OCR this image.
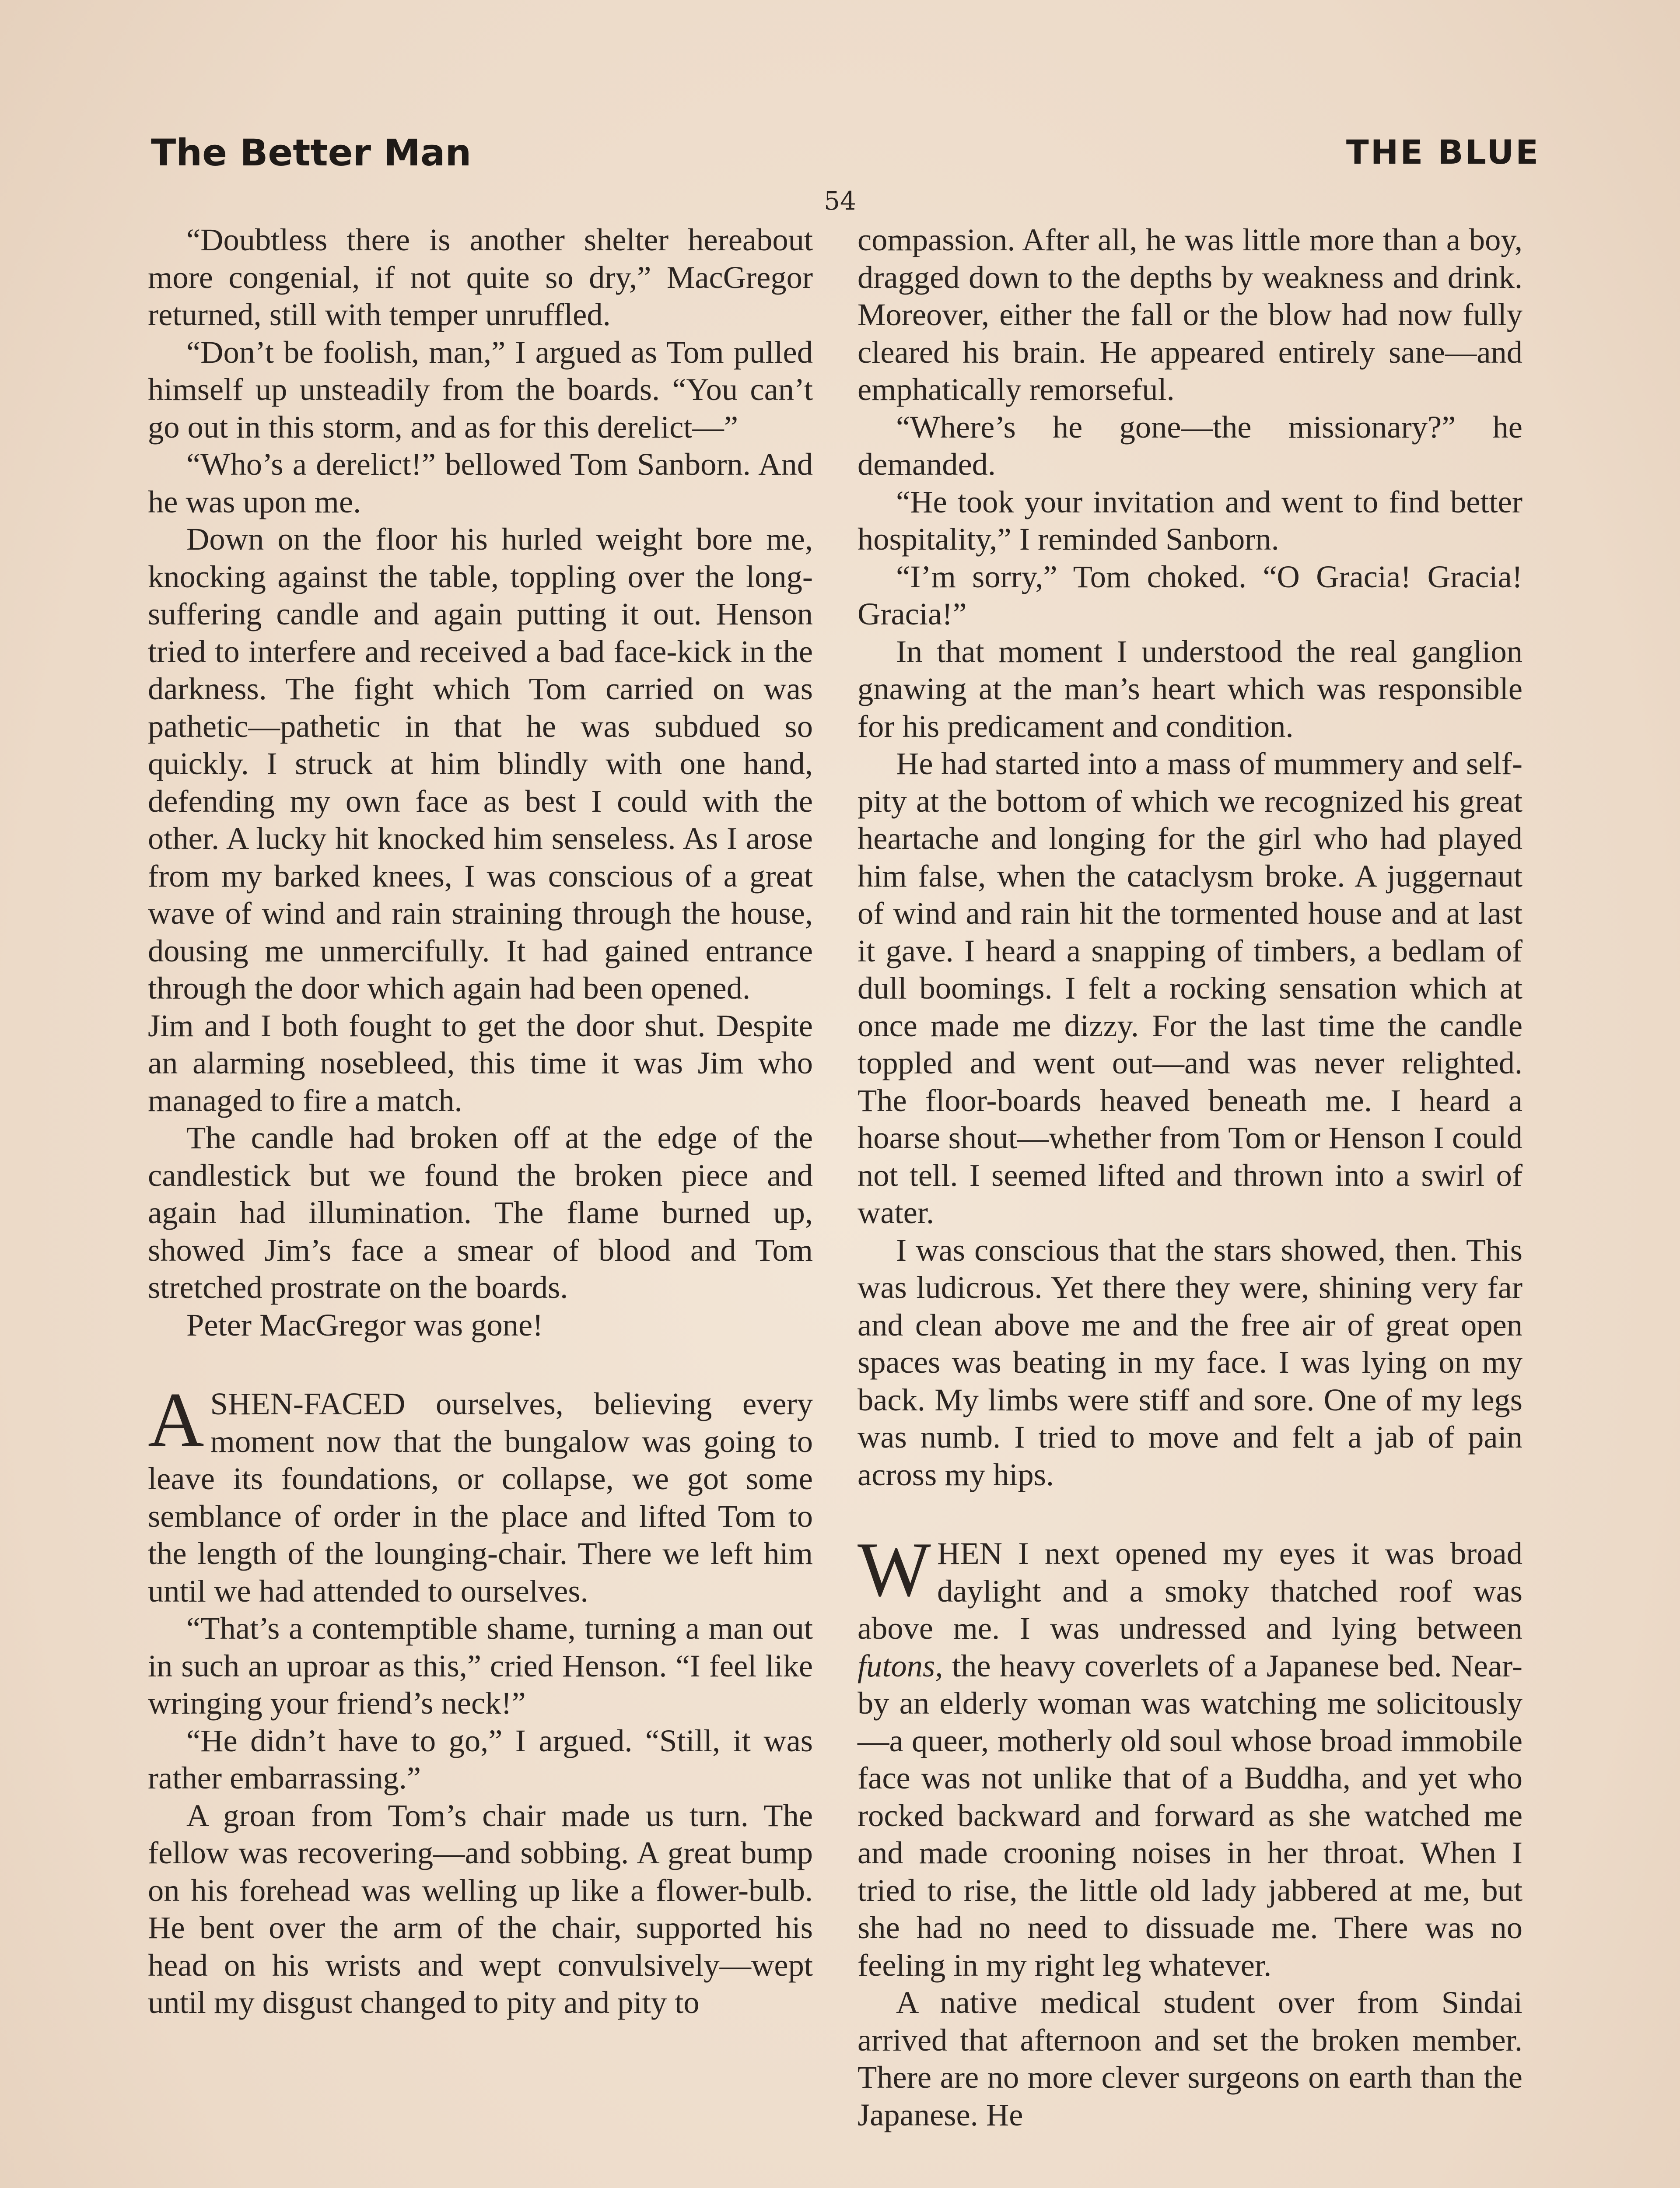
The Better Man
54
THE BLUE

“Doubtless there is another shelter hereabout more congenial, if not quite so dry,” MacGregor returned, still with temper unruffled.

“Don’t be foolish, man,” I argued as Tom pulled himself up unsteadily from the boards. “You can’t go out in this storm, and as for this derelict—”

“Who’s a derelict!” bellowed Tom Sanborn. And he was upon me.

Down on the floor his hurled weight bore me, knocking against the table, toppling over the long-suffering candle and again putting it out. Henson tried to interfere and received a bad face-kick in the darkness. The fight which Tom carried on was pathetic—pathetic in that he was subdued so quickly. I struck at him blindly with one hand, defending my own face as best I could with the other. A lucky hit knocked him senseless. As I arose from my barked knees, I was conscious of a great wave of wind and rain straining through the house, dousing me unmercifully. It had gained entrance through the door which again had been opened.

Jim and I both fought to get the door shut. Despite an alarming nosebleed, this time it was Jim who managed to fire a match.

The candle had broken off at the edge of the candlestick but we found the broken piece and again had illumination. The flame burned up, showed Jim’s face a smear of blood and Tom stretched prostrate on the boards.

Peter MacGregor was gone!

ASHEN-FACED ourselves, believing every moment now that the bungalow was going to leave its foundations, or collapse, we got some semblance of order in the place and lifted Tom to the length of the lounging-chair. There we left him until we had attended to ourselves.

“That’s a contemptible shame, turning a man out in such an uproar as this,” cried Henson. “I feel like wringing your friend’s neck!”

“He didn’t have to go,” I argued. “Still, it was rather embarrassing.”

A groan from Tom’s chair made us turn. The fellow was recovering—and sobbing. A great bump on his forehead was welling up like a flower-bulb. He bent over the arm of the chair, supported his head on his wrists and wept convulsively—wept until my disgust changed to pity and pity to

compassion. After all, he was little more than a boy, dragged down to the depths by weakness and drink. Moreover, either the fall or the blow had now fully cleared his brain. He appeared entirely sane—and emphatically remorseful.

“Where’s he gone—the missionary?” he demanded.

“He took your invitation and went to find better hospitality,” I reminded Sanborn.

“I’m sorry,” Tom choked. “O Gracia! Gracia! Gracia!”

In that moment I understood the real ganglion gnawing at the man’s heart which was responsible for his predicament and condition.

He had started into a mass of mummery and self-pity at the bottom of which we recognized his great heartache and longing for the girl who had played him false, when the cataclysm broke. A juggernaut of wind and rain hit the tormented house and at last it gave. I heard a snapping of timbers, a bedlam of dull boomings. I felt a rocking sensation which at once made me dizzy. For the last time the candle toppled and went out—and was never relighted. The floor-boards heaved beneath me. I heard a hoarse shout—whether from Tom or Henson I could not tell. I seemed lifted and thrown into a swirl of water.

I was conscious that the stars showed, then. This was ludicrous. Yet there they were, shining very far and clean above me and the free air of great open spaces was beating in my face. I was lying on my back. My limbs were stiff and sore. One of my legs was numb. I tried to move and felt a jab of pain across my hips.

WHEN I next opened my eyes it was broad daylight and a smoky thatched roof was above me. I was undressed and lying between futons, the heavy coverlets of a Japanese bed. Near-by an elderly woman was watching me solicitously—a queer, motherly old soul whose broad immobile face was not unlike that of a Buddha, and yet who rocked backward and forward as she watched me and made crooning noises in her throat. When I tried to rise, the little old lady jabbered at me, but she had no need to dissuade me. There was no feeling in my right leg whatever.

A native medical student over from Sindai arrived that afternoon and set the broken member. There are no more clever surgeons on earth than the Japanese. He
